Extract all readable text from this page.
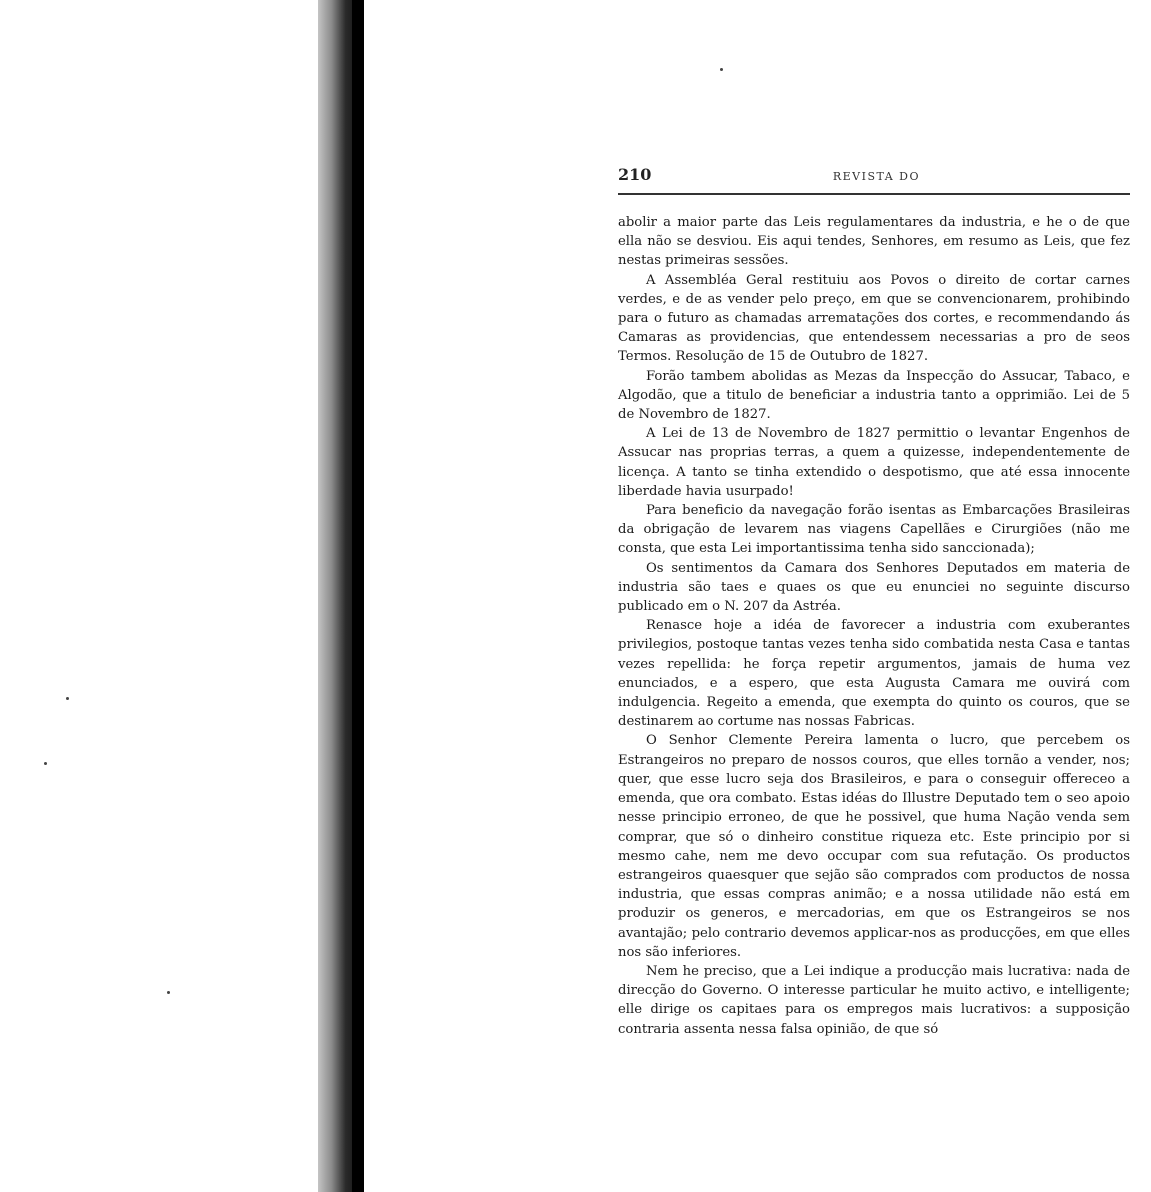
210	REVISTA DO

abolir a maior parte das Leis regulamentares da industria, e he o de que ella não se desviou. Eis aqui tendes, Senhores, em resumo as Leis, que fez nestas primeiras sessões.

A Assembléa Geral restituiu aos Povos o direito de cortar carnes verdes, e de as vender pelo preço, em que se convencionarem, prohibindo para o futuro as chamadas arrematações dos cortes, e recommendando ás Camaras as providencias, que entendessem necessarias a pro de seos Termos. Resolução de 15 de Outubro de 1827.

Forão tambem abolidas as Mezas da Inspecção do Assucar, Tabaco, e Algodão, que a titulo de beneficiar a industria tanto a opprimião. Lei de 5 de Novembro de 1827.

A Lei de 13 de Novembro de 1827 permittio o levantar Engenhos de Assucar nas proprias terras, a quem a quizesse, independentemente de licença. A tanto se tinha extendido o despotismo, que até essa innocente liberdade havia usurpado!

Para beneficio da navegação forão isentas as Embarcações Brasileiras da obrigação de levarem nas viagens Capellães e Cirurgiões (não me consta, que esta Lei importantissima tenha sido sanccionada);

Os sentimentos da Camara dos Senhores Deputados em materia de industria são taes e quaes os que eu enunciei no seguinte discurso publicado em o N. 207 da Astréa.

Renasce hoje a idéa de favorecer a industria com exuberantes privilegios, postoque tantas vezes tenha sido combatida nesta Casa e tantas vezes repellida: he força repetir argumentos, jamais de huma vez enunciados, e a espero, que esta Augusta Camara me ouvirá com indulgencia. Regeito a emenda, que exempta do quinto os couros, que se destinarem ao cortume nas nossas Fabricas.

O Senhor Clemente Pereira lamenta o lucro, que percebem os Estrangeiros no preparo de nossos couros, que elles tornão a vender, nos; quer, que esse lucro seja dos Brasileiros, e para o conseguir offereceo a emenda, que ora combato. Estas idéas do Illustre Deputado tem o seo apoio nesse principio erroneo, de que he possivel, que huma Nação venda sem comprar, que só o dinheiro constitue riqueza etc. Este principio por si mesmo cahe, nem me devo occupar com sua refutação. Os productos estrangeiros quaesquer que sejão são comprados com productos de nossa industria, que essas compras animão; e a nossa utilidade não está em produzir os generos, e mercadorias, em que os Estrangeiros se nos avantajão; pelo contrario devemos applicar-nos as producções, em que elles nos são inferiores.

Nem he preciso, que a Lei indique a producção mais lucrativa: nada de direcção do Governo. O interesse particular he muito activo, e intelligente; elle dirige os capitaes para os empregos mais lucrativos: a supposição contraria assenta nessa falsa opinião, de que só
